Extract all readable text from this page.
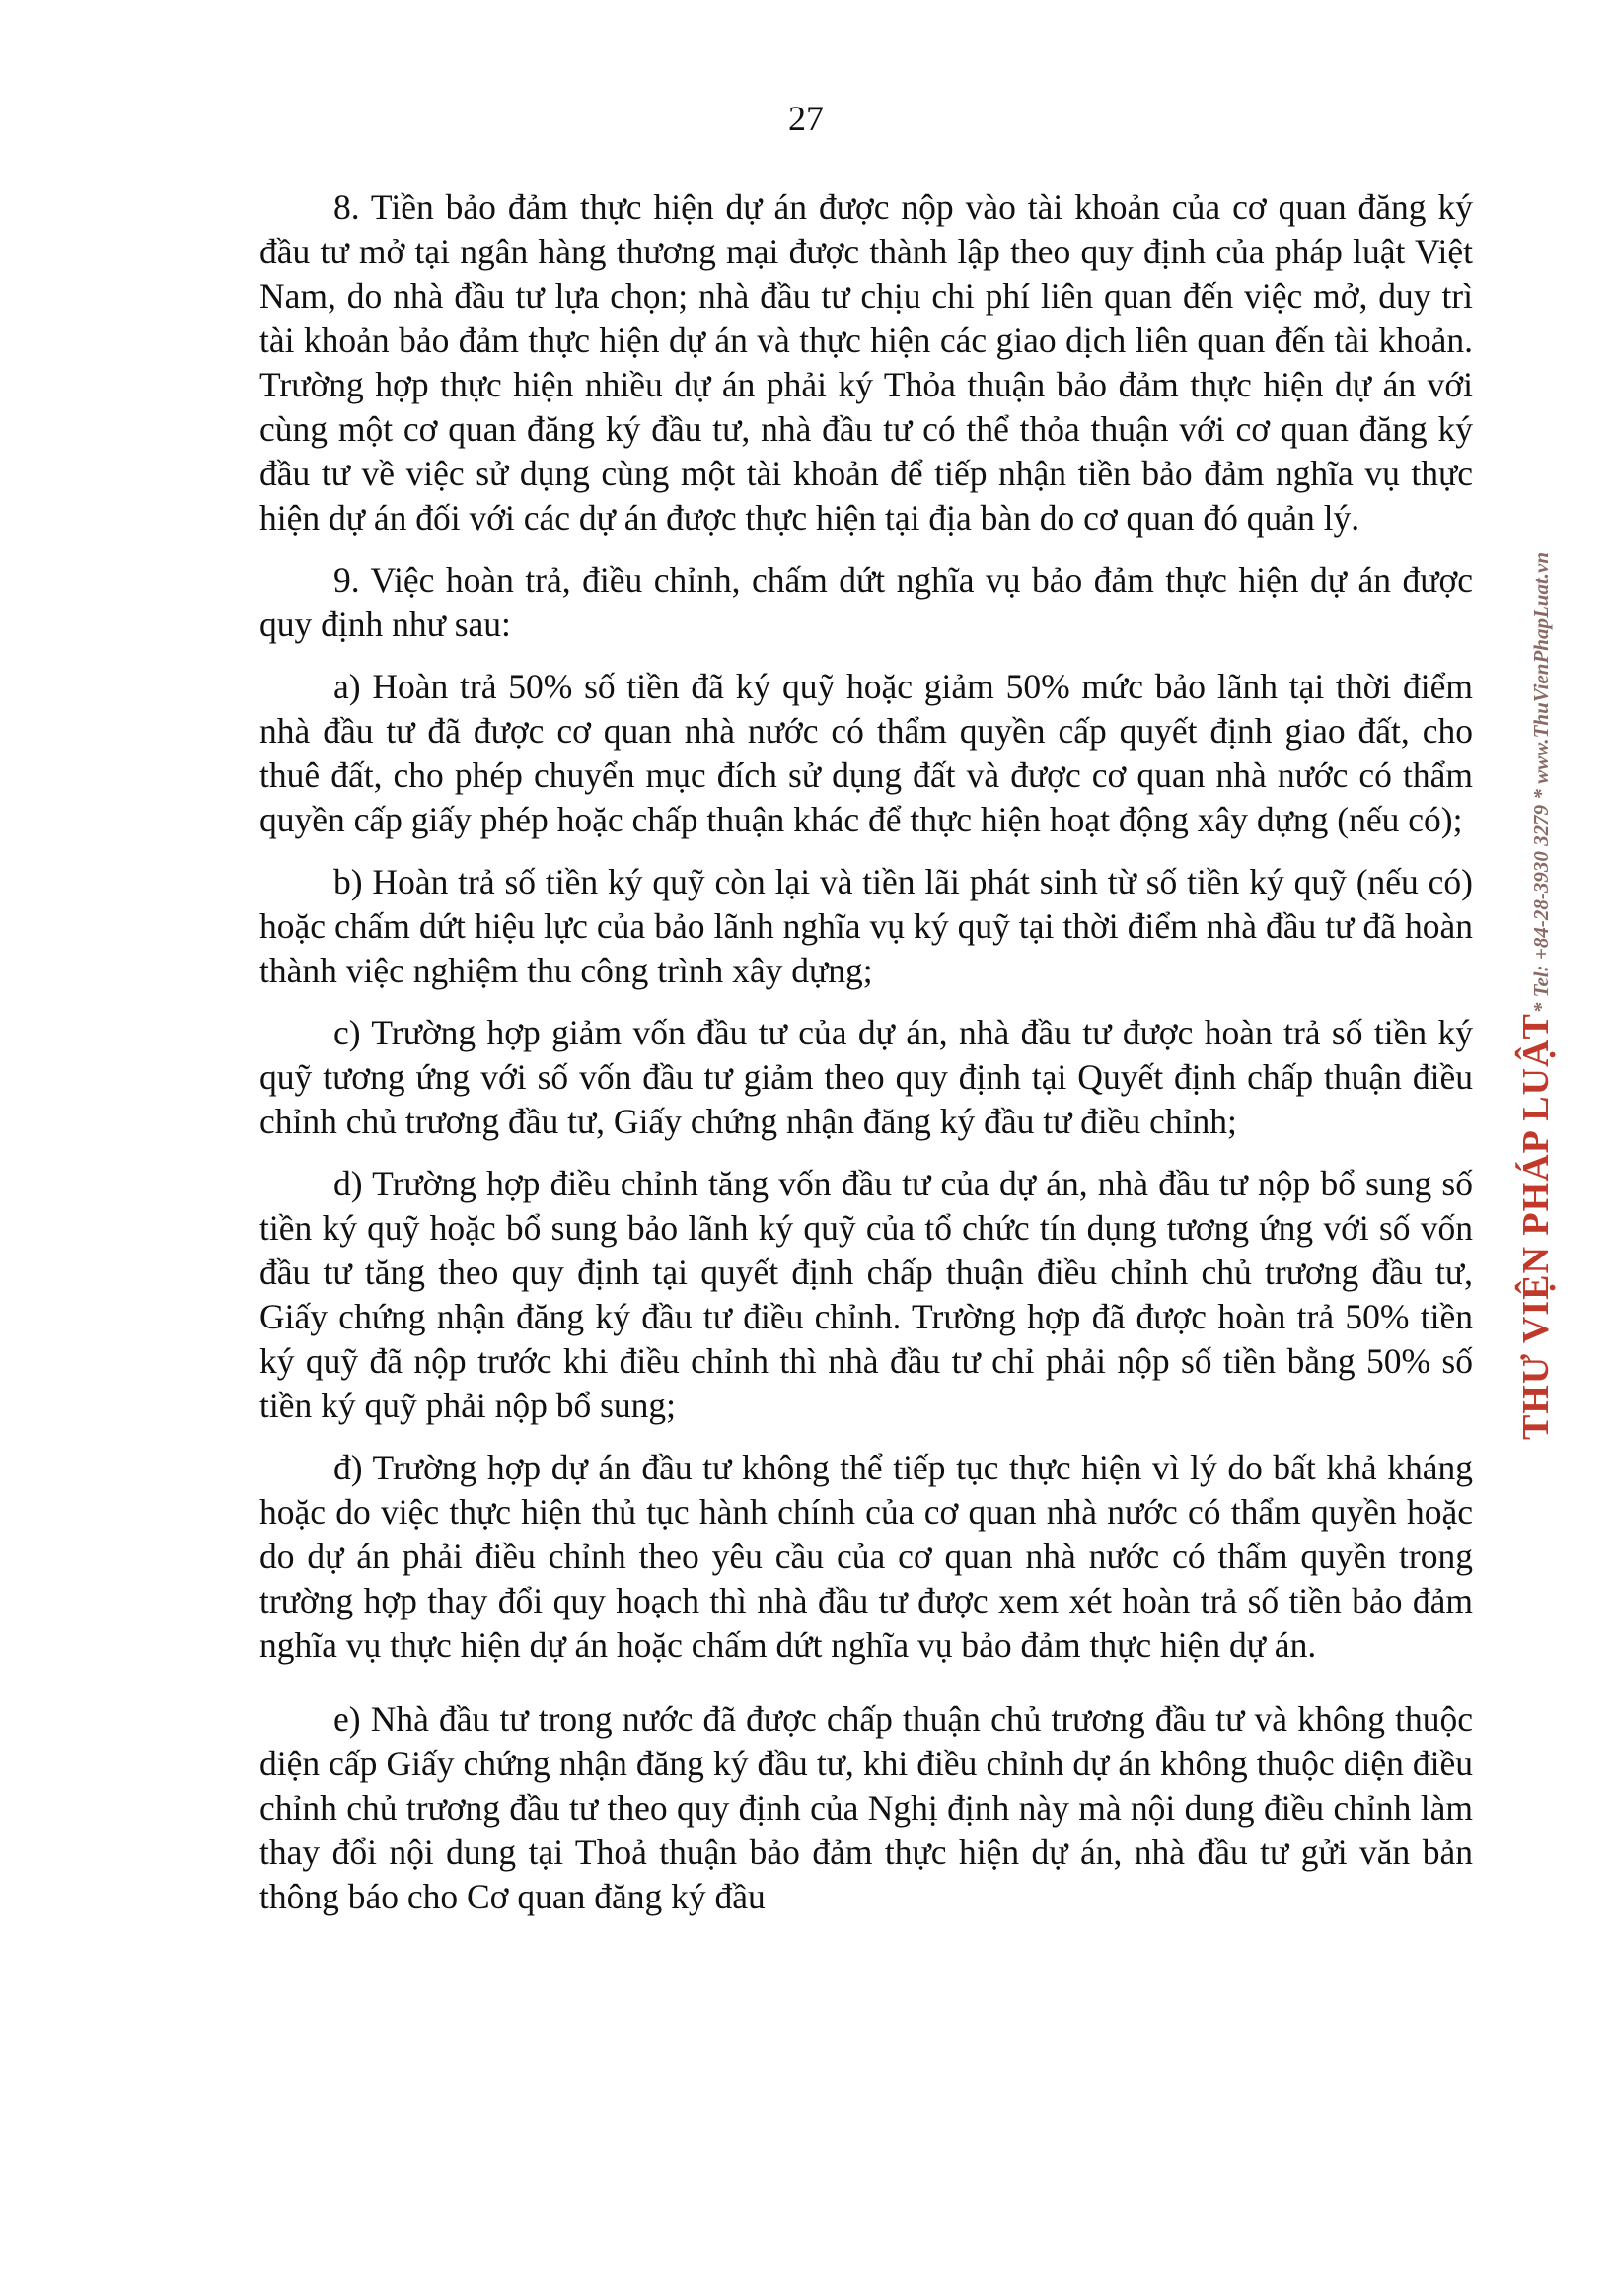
27

8. Tiền bảo đảm thực hiện dự án được nộp vào tài khoản của cơ quan đăng ký đầu tư mở tại ngân hàng thương mại được thành lập theo quy định của pháp luật Việt Nam, do nhà đầu tư lựa chọn; nhà đầu tư chịu chi phí liên quan đến việc mở, duy trì tài khoản bảo đảm thực hiện dự án và thực hiện các giao dịch liên quan đến tài khoản. Trường hợp thực hiện nhiều dự án phải ký Thỏa thuận bảo đảm thực hiện dự án với cùng một cơ quan đăng ký đầu tư, nhà đầu tư có thể thỏa thuận với cơ quan đăng ký đầu tư về việc sử dụng cùng một tài khoản để tiếp nhận tiền bảo đảm nghĩa vụ thực hiện dự án đối với các dự án được thực hiện tại địa bàn do cơ quan đó quản lý.

9. Việc hoàn trả, điều chỉnh, chấm dứt nghĩa vụ bảo đảm thực hiện dự án được quy định như sau:

a) Hoàn trả 50% số tiền đã ký quỹ hoặc giảm 50% mức bảo lãnh tại thời điểm nhà đầu tư đã được cơ quan nhà nước có thẩm quyền cấp quyết định giao đất, cho thuê đất, cho phép chuyển mục đích sử dụng đất và được cơ quan nhà nước có thẩm quyền cấp giấy phép hoặc chấp thuận khác để thực hiện hoạt động xây dựng (nếu có);

b) Hoàn trả số tiền ký quỹ còn lại và tiền lãi phát sinh từ số tiền ký quỹ (nếu có) hoặc chấm dứt hiệu lực của bảo lãnh nghĩa vụ ký quỹ tại thời điểm nhà đầu tư đã hoàn thành việc nghiệm thu công trình xây dựng;

c) Trường hợp giảm vốn đầu tư của dự án, nhà đầu tư được hoàn trả số tiền ký quỹ tương ứng với số vốn đầu tư giảm theo quy định tại Quyết định chấp thuận điều chỉnh chủ trương đầu tư, Giấy chứng nhận đăng ký đầu tư điều chỉnh;

d) Trường hợp điều chỉnh tăng vốn đầu tư của dự án, nhà đầu tư nộp bổ sung số tiền ký quỹ hoặc bổ sung bảo lãnh ký quỹ của tổ chức tín dụng tương ứng với số vốn đầu tư tăng theo quy định tại quyết định chấp thuận điều chỉnh chủ trương đầu tư, Giấy chứng nhận đăng ký đầu tư điều chỉnh. Trường hợp đã được hoàn trả 50% tiền ký quỹ đã nộp trước khi điều chỉnh thì nhà đầu tư chỉ phải nộp số tiền bằng 50% số tiền ký quỹ phải nộp bổ sung;

đ) Trường hợp dự án đầu tư không thể tiếp tục thực hiện vì lý do bất khả kháng hoặc do việc thực hiện thủ tục hành chính của cơ quan nhà nước có thẩm quyền hoặc do dự án phải điều chỉnh theo yêu cầu của cơ quan nhà nước có thẩm quyền trong trường hợp thay đổi quy hoạch thì nhà đầu tư được xem xét hoàn trả số tiền bảo đảm nghĩa vụ thực hiện dự án hoặc chấm dứt nghĩa vụ bảo đảm thực hiện dự án.

e) Nhà đầu tư trong nước đã được chấp thuận chủ trương đầu tư và không thuộc diện cấp Giấy chứng nhận đăng ký đầu tư, khi điều chỉnh dự án không thuộc diện điều chỉnh chủ trương đầu tư theo quy định của Nghị định này mà nội dung điều chỉnh làm thay đổi nội dung tại Thoả thuận bảo đảm thực hiện dự án, nhà đầu tư gửi văn bản thông báo cho Cơ quan đăng ký đầu

THƯ VIỆN PHÁP LUẬT* Tel: +84-28-3930 3279 * www.ThuVienPhapLuat.vn
